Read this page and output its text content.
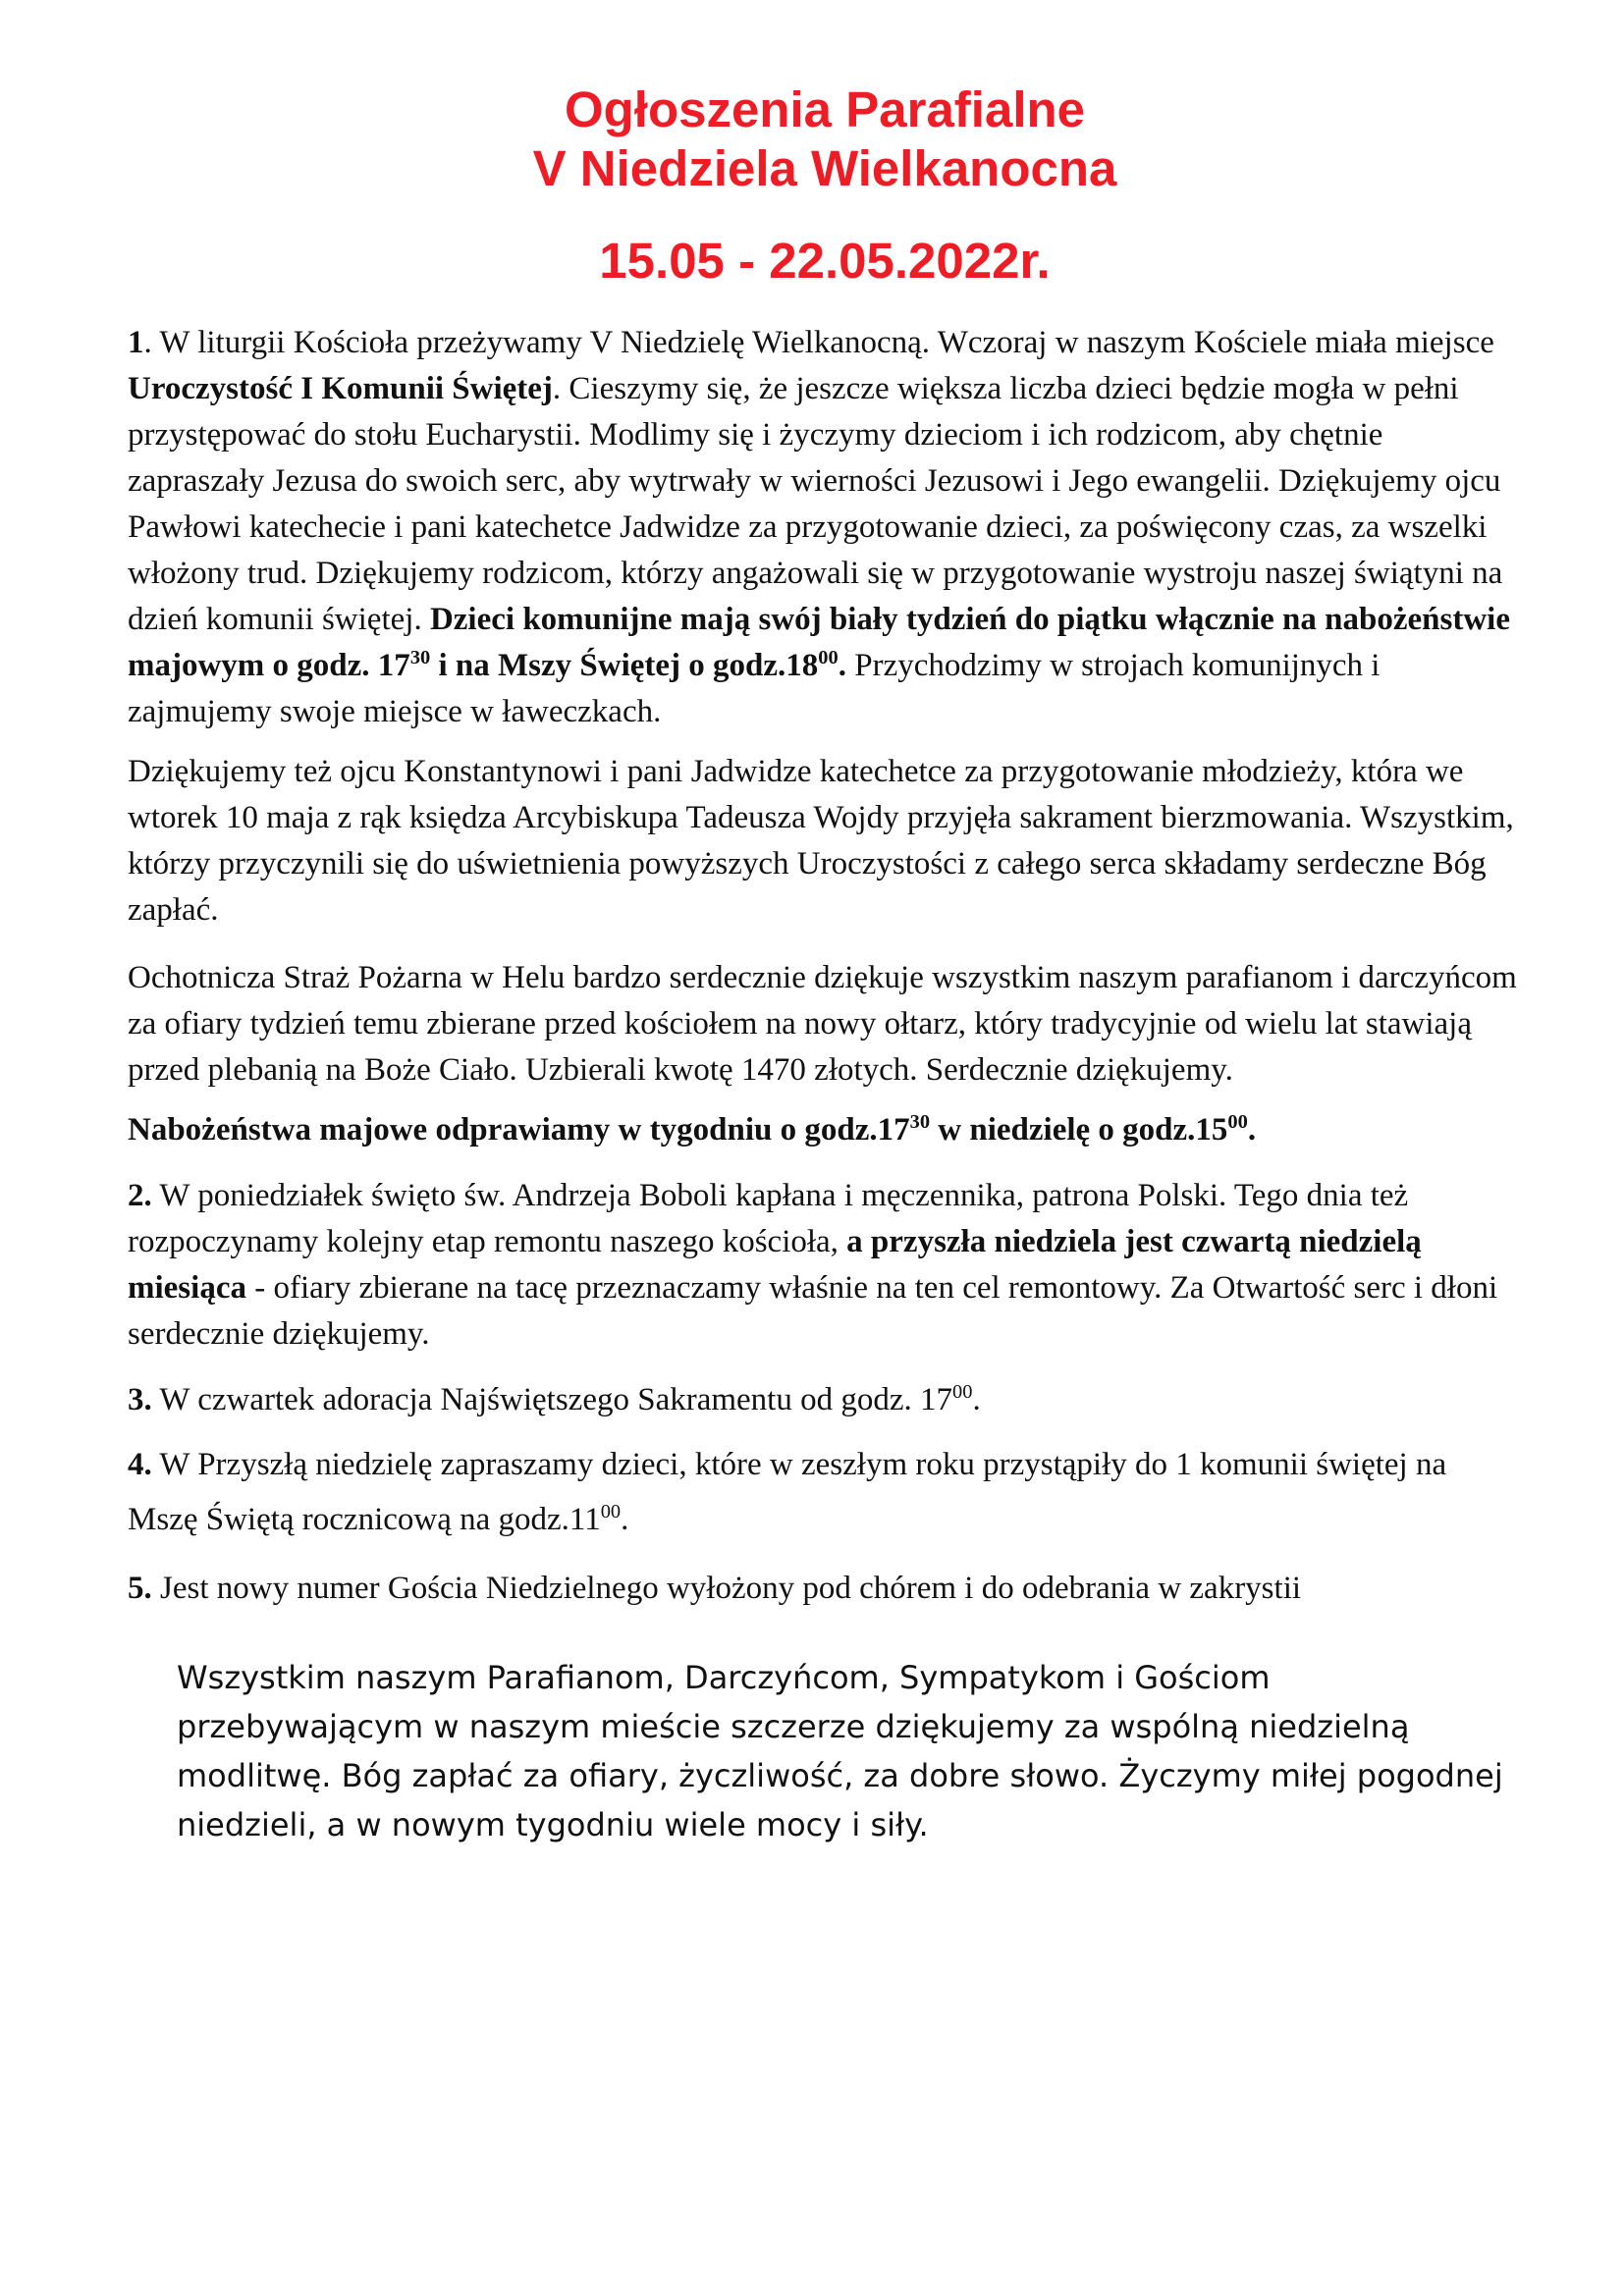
Ogłoszenia Parafialne
V Niedziela Wielkanocna
15.05 - 22.05.2022r.

1. W liturgii Kościoła przeżywamy V Niedzielę Wielkanocną. Wczoraj w naszym Kościele miała miejsce Uroczystość I Komunii Świętej. Cieszymy się, że jeszcze większa liczba dzieci będzie mogła w pełni przystępować do stołu Eucharystii. Modlimy się i życzymy dzieciom i ich rodzicom, aby chętnie zapraszały Jezusa do swoich serc, aby wytrwały w wierności Jezusowi i Jego ewangelii. Dziękujemy ojcu Pawłowi katechecie i pani katechetce Jadwidze za przygotowanie dzieci, za poświęcony czas, za wszelki włożony trud. Dziękujemy rodzicom, którzy angażowali się w przygotowanie wystroju naszej świątyni na dzień komunii świętej. Dzieci komunijne mają swój biały tydzień do piątku włącznie na nabożeństwie majowym o godz. $17^{30}$ i na Mszy Świętej o $godz.18^{00}$. Przychodzimy w strojach komunijnych i zajmujemy swoje miejsce w ławeczkach.

Dziękujemy też ojcu Konstantynowi i pani Jadwidze katechetce za przygotowanie młodzieży, która we wtorek 10 maja z rąk księdza Arcybiskupa Tadeusza Wojdy przyjęła sakrament bierzmowania. Wszystkim, którzy przyczynili się do uświetnienia powyższych Uroczystości z całego serca składamy serdeczne Bóg zapłać.

Ochotnicza Straż Pożarna w Helu bardzo serdecznie dziękuje wszystkim naszym parafianom i darczyńcom za ofiary tydzień temu zbierane przed kościołem na nowy ołtarz, który tradycyjnie od wielu lat stawiają przed plebanią na Boże Ciało. Uzbierali kwotę 1470 złotych. Serdecznie dziękujemy.

Nabożeństwa majowe odprawiamy w tygodniu o $godz.17^{30}$ w niedzielę o $godz.15^{00}$.

2. W poniedziałek święto św. Andrzeja Boboli kapłana i męczennika, patrona Polski. Tego dnia też rozpoczynamy kolejny etap remontu naszego kościoła, a przyszła niedziela jest czwartą niedzielą miesiąca - ofiary zbierane na tacę przeznaczamy właśnie na ten cel remontowy. Za Otwartość serc i dłoni serdecznie dziękujemy.

3. W czwartek adoracja Najświętszego Sakramentu od godz. $17^{00}$.

4. W Przyszłą niedzielę zapraszamy dzieci, które w zeszłym roku przystąpiły do 1 komunii świętej na Mszę Świętą rocznicową na $godz.11^{00}$.

5. Jest nowy numer Gościa Niedzielnego wyłożony pod chórem i do odebrania w zakrystii

Wszystkim naszym Parafianom, Darczyńcom, Sympatykom i Gościom przebywającym w naszym mieście szczerze dziękujemy za wspólną niedzielną modlitwę. Bóg zapłać za ofiary, życzliwość, za dobre słowo. Życzymy miłej pogodnej niedzieli, a w nowym tygodniu wiele mocy i siły.
